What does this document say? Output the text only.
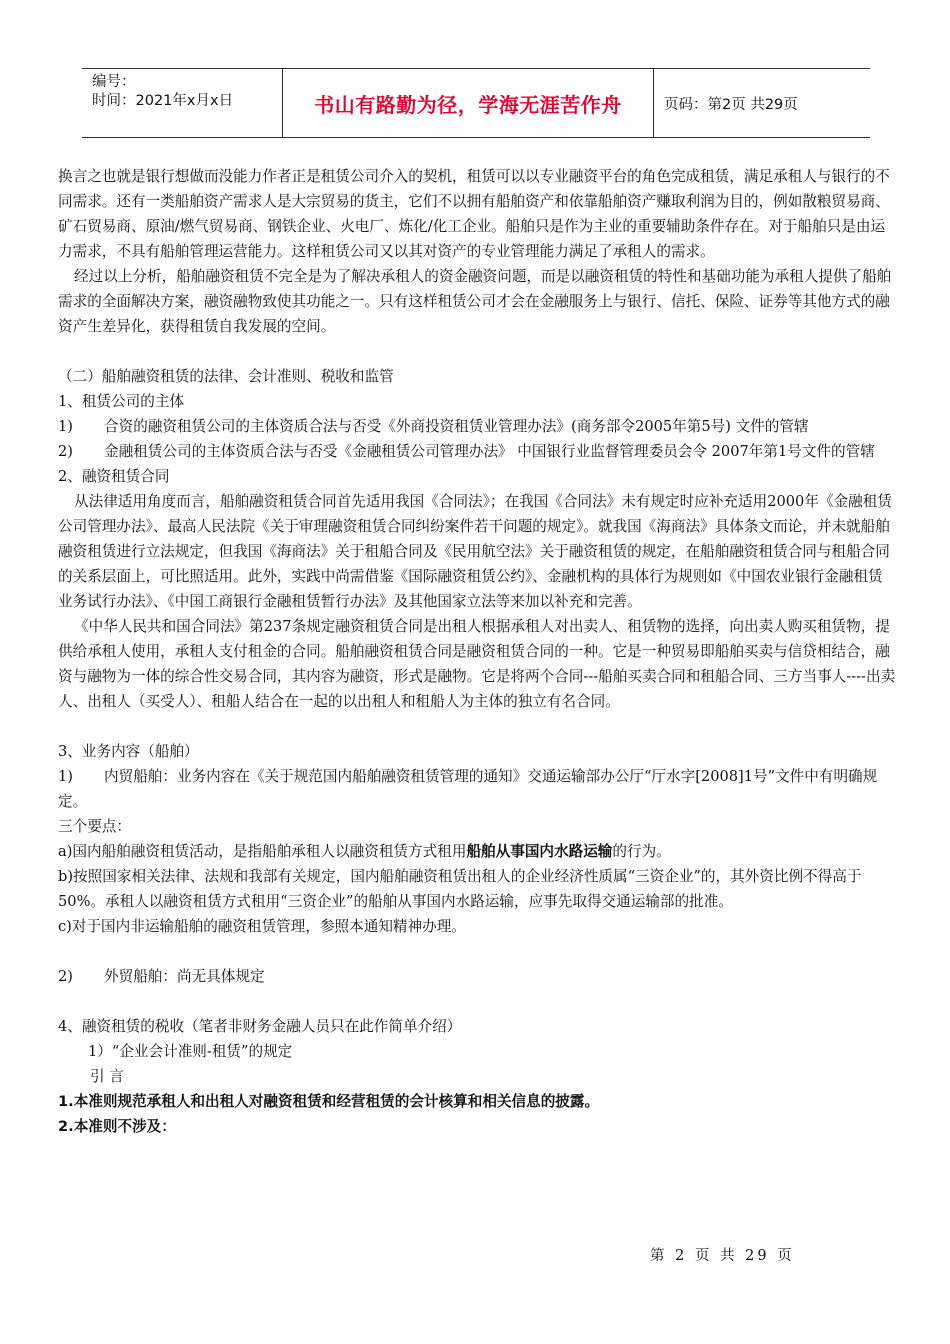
编号：
时间：2021年x月x日	书山有路勤为径，学海无涯苦作舟	页码：第2页 共29页

换言之也就是银行想做而没能力作者正是租赁公司介入的契机，租赁可以以专业融资平台的角色完成租赁，满足承租人与银行的不同需求。还有一类船舶资产需求人是大宗贸易的货主，它们不以拥有船舶资产和依靠船舶资产赚取利润为目的，例如散粮贸易商、矿石贸易商、原油/燃气贸易商、钢铁企业、火电厂、炼化/化工企业。船舶只是作为主业的重要辅助条件存在。对于船舶只是由运力需求，不具有船舶管理运营能力。这样租赁公司又以其对资产的专业管理能力满足了承租人的需求。

经过以上分析，船舶融资租赁不完全是为了解决承租人的资金融资问题，而是以融资租赁的特性和基础功能为承租人提供了船舶需求的全面解决方案，融资融物致使其功能之一。只有这样租赁公司才会在金融服务上与银行、信托、保险、证券等其他方式的融资产生差异化，获得租赁自我发展的空间。

（二）船舶融资租赁的法律、会计准则、税收和监管

1、租赁公司的主体

1) 合资的融资租赁公司的主体资质合法与否受《外商投资租赁业管理办法》(商务部令2005年第5号) 文件的管辖

2) 金融租赁公司的主体资质合法与否受《金融租赁公司管理办法》 中国银行业监督管理委员会令 2007年第1号文件的管辖

2、融资租赁合同

从法律适用角度而言，船舶融资租赁合同首先适用我国《合同法》；在我国《合同法》未有规定时应补充适用2000年《金融租赁公司管理办法》、最高人民法院《关于审理融资租赁合同纠纷案件若干问题的规定》。就我国《海商法》具体条文而论，并未就船舶融资租赁进行立法规定，但我国《海商法》关于租船合同及《民用航空法》关于融资租赁的规定，在船舶融资租赁合同与租船合同的关系层面上，可比照适用。此外，实践中尚需借鉴《国际融资租赁公约》、金融机构的具体行为规则如《中国农业银行金融租赁业务试行办法》、《中国工商银行金融租赁暂行办法》及其他国家立法等来加以补充和完善。

《中华人民共和国合同法》第237条规定融资租赁合同是出租人根据承租人对出卖人、租赁物的选择，向出卖人购买租赁物，提供给承租人使用，承租人支付租金的合同。船舶融资租赁合同是融资租赁合同的一种。它是一种贸易即船舶买卖与信贷相结合，融资与融物为一体的综合性交易合同，其内容为融资，形式是融物。它是将两个合同---船舶买卖合同和租船合同、三方当事人----出卖人、出租人（买受人）、租船人结合在一起的以出租人和租船人为主体的独立有名合同。

3、业务内容（船舶）

1) 内贸船舶：业务内容在《关于规范国内船舶融资租赁管理的通知》交通运输部办公厅“厅水字[2008]1号”文件中有明确规定。

三个要点：

a)国内船舶融资租赁活动，是指船舶承租人以融资租赁方式租用船舶从事国内水路运输的行为。

b)按照国家相关法律、法规和我部有关规定，国内船舶融资租赁出租人的企业经济性质属“三资企业”的，其外资比例不得高于50%。承租人以融资租赁方式租用“三资企业”的船舶从事国内水路运输，应事先取得交通运输部的批准。

c)对于国内非运输船舶的融资租赁管理，参照本通知精神办理。

2) 外贸船舶：尚无具体规定

4、融资租赁的税收（笔者非财务金融人员只在此作简单介绍）

1）“企业会计准则-租赁”的规定

引 言

1.本准则规范承租人和出租人对融资租赁和经营租赁的会计核算和相关信息的披露。

2.本准则不涉及：

第 2 页 共 29 页
